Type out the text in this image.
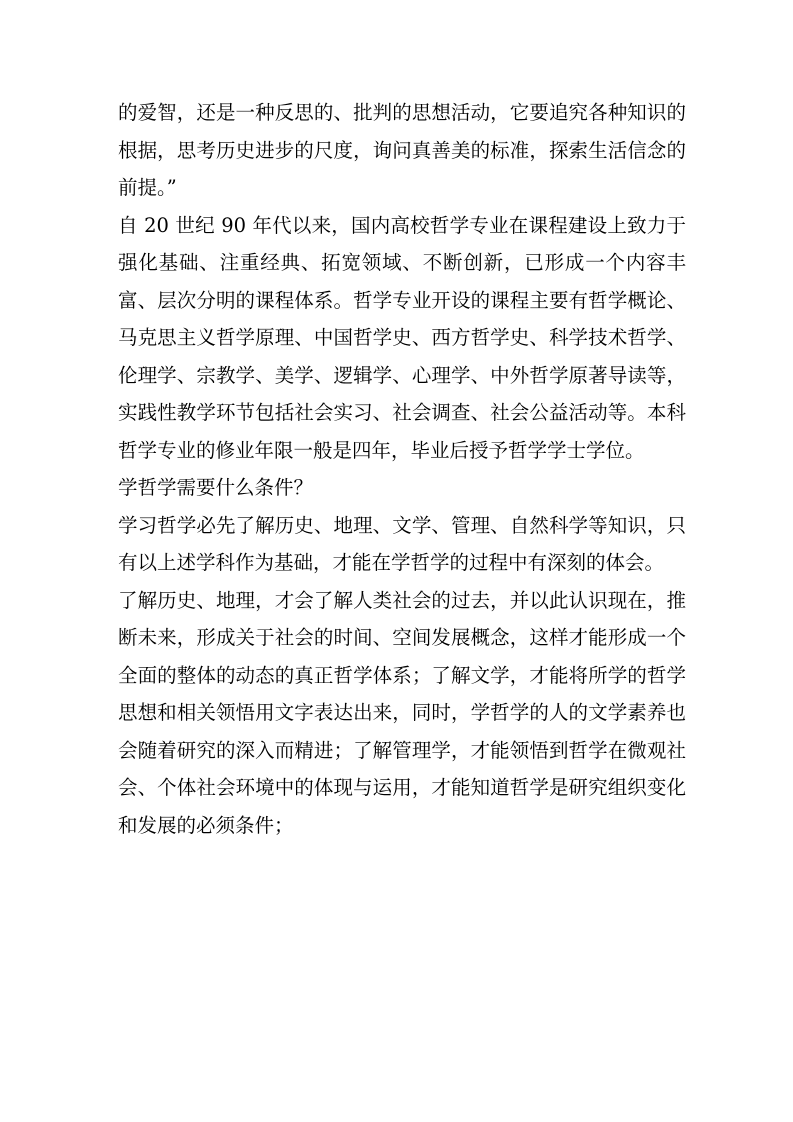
的爱智，还是一种反思的、批判的思想活动，它要追究各种知识的根据，思考历史进步的尺度，询问真善美的标准，探索生活信念的前提。”

自 20 世纪 90 年代以来，国内高校哲学专业在课程建设上致力于强化基础、注重经典、拓宽领域、不断创新，已形成一个内容丰富、层次分明的课程体系。哲学专业开设的课程主要有哲学概论、马克思主义哲学原理、中国哲学史、西方哲学史、科学技术哲学、伦理学、宗教学、美学、逻辑学、心理学、中外哲学原著导读等，实践性教学环节包括社会实习、社会调查、社会公益活动等。本科哲学专业的修业年限一般是四年，毕业后授予哲学学士学位。

学哲学需要什么条件？

学习哲学必先了解历史、地理、文学、管理、自然科学等知识，只有以上述学科作为基础，才能在学哲学的过程中有深刻的体会。

了解历史、地理，才会了解人类社会的过去，并以此认识现在，推断未来，形成关于社会的时间、空间发展概念，这样才能形成一个全面的整体的动态的真正哲学体系；了解文学，才能将所学的哲学思想和相关领悟用文字表达出来，同时，学哲学的人的文学素养也会随着研究的深入而精进；了解管理学，才能领悟到哲学在微观社会、个体社会环境中的体现与运用，才能知道哲学是研究组织变化和发展的必须条件；
